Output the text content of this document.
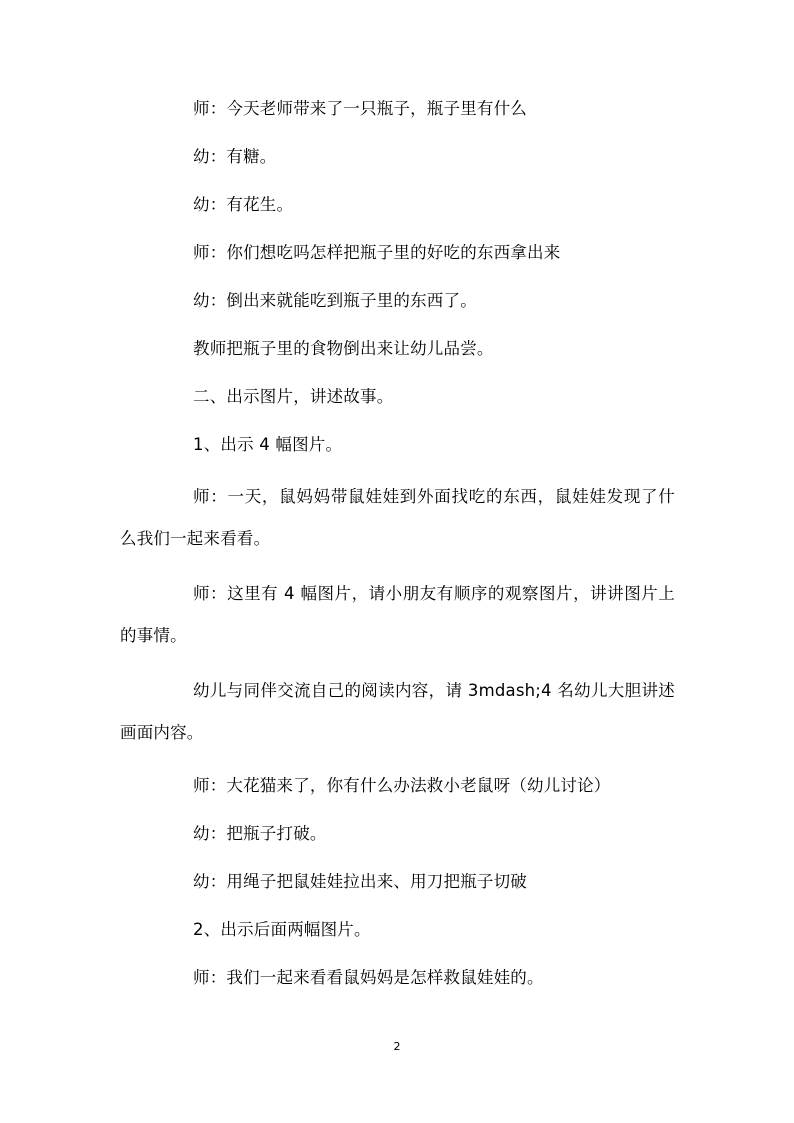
师：今天老师带来了一只瓶子，瓶子里有什么
幼：有糖。
幼：有花生。
师：你们想吃吗怎样把瓶子里的好吃的东西拿出来
幼：倒出来就能吃到瓶子里的东西了。
教师把瓶子里的食物倒出来让幼儿品尝。
二、出示图片，讲述故事。
1、出示 4 幅图片。
师：一天，鼠妈妈带鼠娃娃到外面找吃的东西，鼠娃娃发现了什么我们一起来看看。
师：这里有 4 幅图片，请小朋友有顺序的观察图片，讲讲图片上的事情。
幼儿与同伴交流自己的阅读内容，请 3mdash;4 名幼儿大胆讲述画面内容。
师：大花猫来了，你有什么办法救小老鼠呀（幼儿讨论）
幼：把瓶子打破。
幼：用绳子把鼠娃娃拉出来、用刀把瓶子切破
2、出示后面两幅图片。
师：我们一起来看看鼠妈妈是怎样救鼠娃娃的。
2
